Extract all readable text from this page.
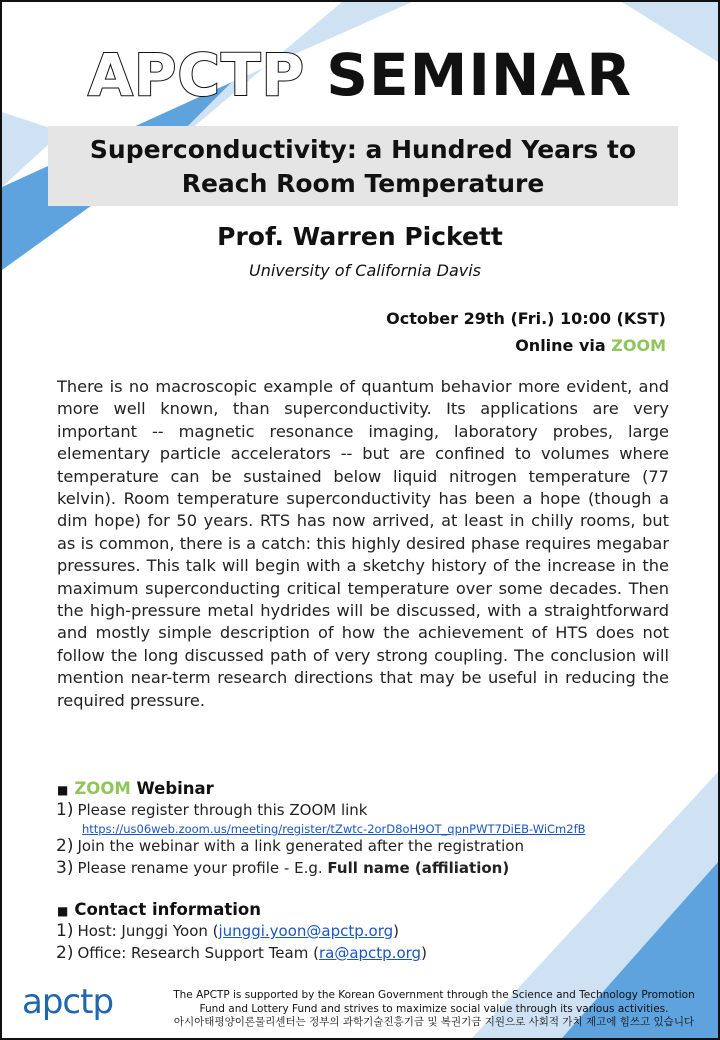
APCTP SEMINAR
Superconductivity: a Hundred Years to
Reach Room Temperature
Prof. Warren Pickett
University of California Davis
October 29th (Fri.) 10:00 (KST)
Online via ZOOM
There is no macroscopic example of quantum behavior more evident, and more well known, than superconductivity. Its applications are very important -- magnetic resonance imaging, laboratory probes, large elementary particle accelerators -- but are confined to volumes where temperature can be sustained below liquid nitrogen temperature (77 kelvin). Room temperature superconductivity has been a hope (though a dim hope) for 50 years. RTS has now arrived, at least in chilly rooms, but as is common, there is a catch: this highly desired phase requires megabar pressures. This talk will begin with a sketchy history of the increase in the maximum superconducting critical temperature over some decades. Then the high-pressure metal hydrides will be discussed, with a straightforward and mostly simple description of how the achievement of HTS does not follow the long discussed path of very strong coupling. The conclusion will mention near-term research directions that may be useful in reducing the required pressure.
■ ZOOM Webinar
1) Please register through this ZOOM link
https://us06web.zoom.us/meeting/register/tZwtc-2orD8oH9OT_qpnPWT7DiEB-WiCm2fB
2) Join the webinar with a link generated after the registration
3) Please rename your profile - E.g. Full name (affiliation)
■ Contact information
1) Host: Junggi Yoon (junggi.yoon@apctp.org)
2) Office: Research Support Team (ra@apctp.org)
apctp	The APCTP is supported by the Korean Government through the Science and Technology Promotion
Fund and Lottery Fund and strives to maximize social value through its various activities.
아시아태평양이론물리센터는 정부의 과학기술진흥기금 및 복권기금 지원으로 사회적 가치 제고에 힘쓰고 있습니다
